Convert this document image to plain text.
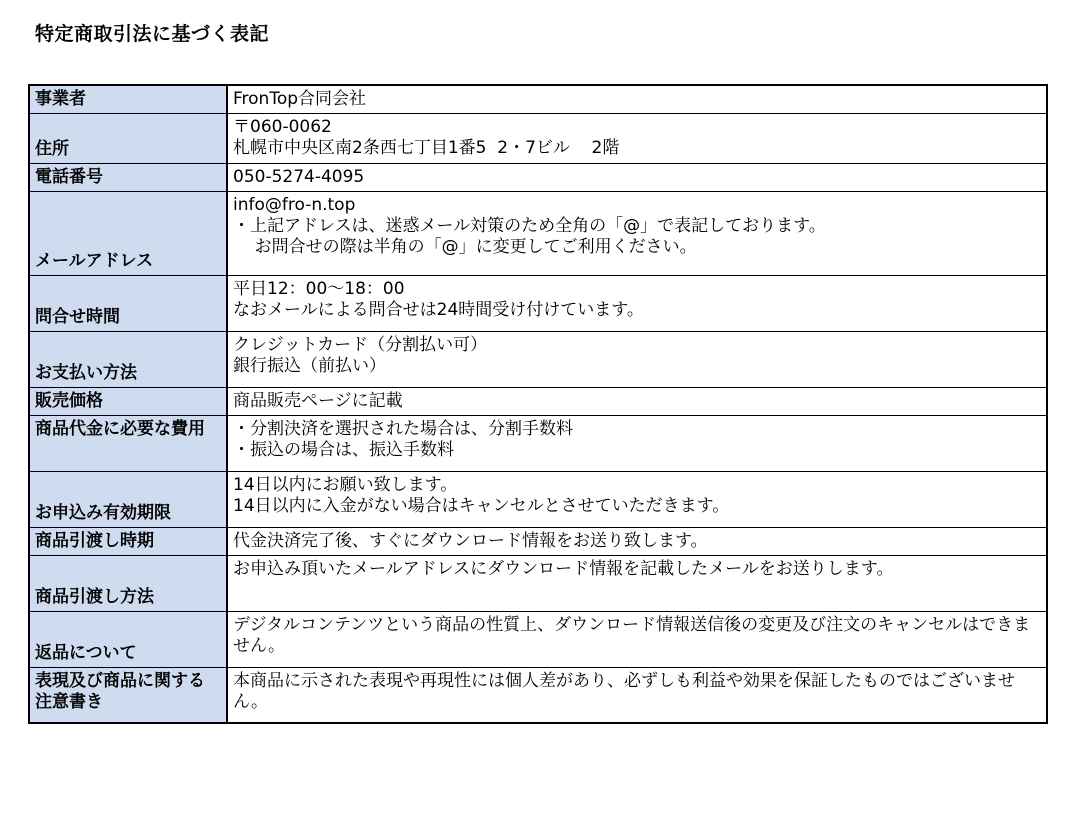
特定商取引法に基づく表記
事業者	FronTop合同会社

住所	〒060-0062
札幌市中央区南2条西七丁目1番5  2・7ビル    2階

電話番号	050-5274-4095

メールアドレス	info@fro-n.top
・上記アドレスは、迷惑メール対策のため全角の「@」で表記しております。
お問合せの際は半角の「@」に変更してご利用ください。

問合せ時間	平日12：00〜18：00
なおメールによる問合せは24時間受け付けています。

お支払い方法	クレジットカード（分割払い可）
銀行振込（前払い）

販売価格	商品販売ページに記載

商品代金に必要な費用	・分割決済を選択された場合は、分割手数料
・振込の場合は、振込手数料

お申込み有効期限	14日以内にお願い致します。
14日以内に入金がない場合はキャンセルとさせていただきます。

商品引渡し時期	代金決済完了後、すぐにダウンロード情報をお送り致します。

商品引渡し方法	お申込み頂いたメールアドレスにダウンロード情報を記載したメールをお送りします。

返品について	デジタルコンテンツという商品の性質上、ダウンロード情報送信後の変更及び注文のキャンセルはできません。

表現及び商品に関する注意書き	本商品に示された表現や再現性には個人差があり、必ずしも利益や効果を保証したものではございません。
